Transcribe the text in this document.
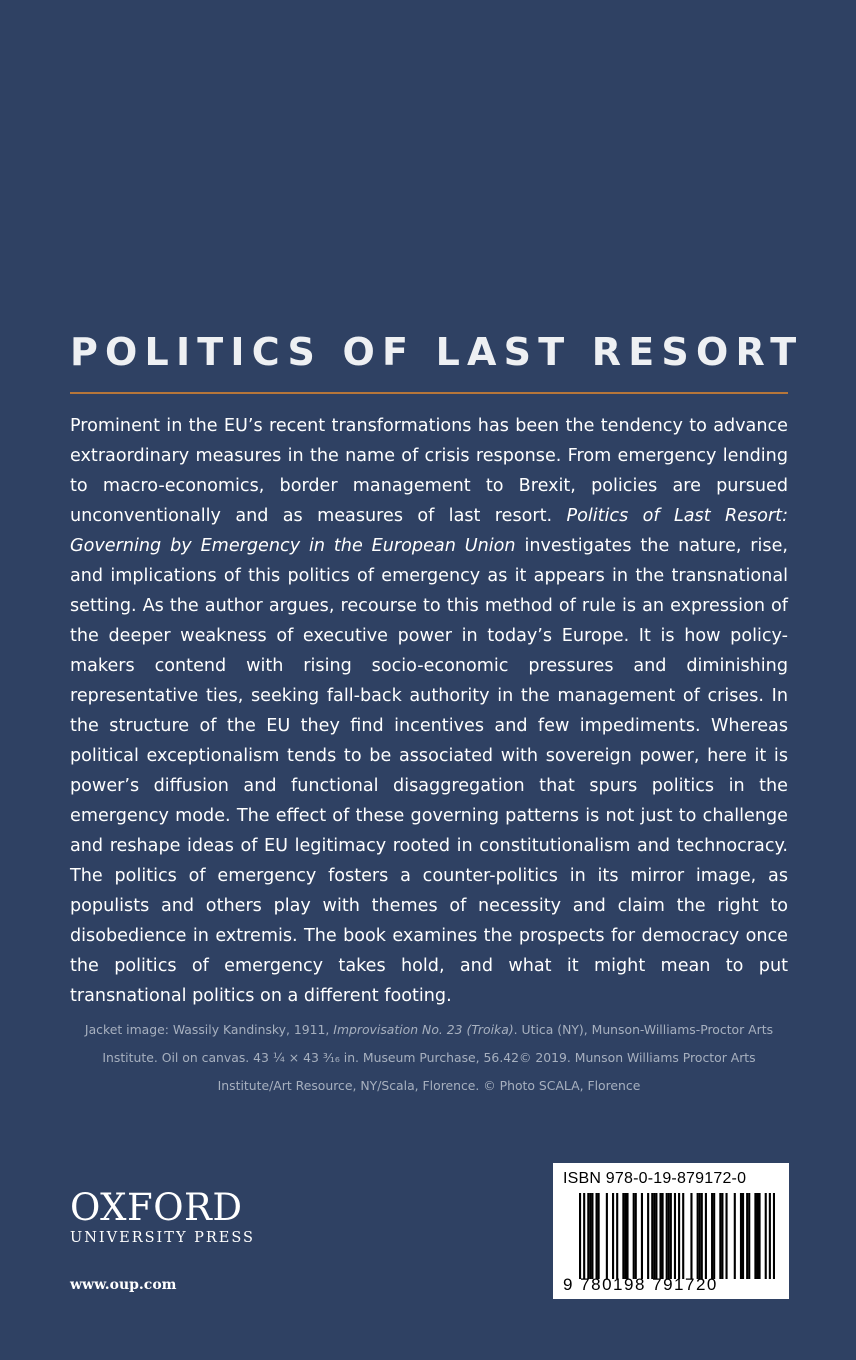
POLITICS OF LAST RESORT

Prominent in the EU’s recent transformations has been the tendency to advance extraordinary measures in the name of crisis response. From emergency lending to macro-economics, border management to Brexit, policies are pursued unconventionally and as measures of last resort. Politics of Last Resort: Governing by Emergency in the European Union investigates the nature, rise, and implications of this politics of emergency as it appears in the transnational setting. As the author argues, recourse to this method of rule is an expression of the deeper weakness of executive power in today’s Europe. It is how policy-makers contend with rising socio-economic pressures and diminishing representative ties, seeking fall-back authority in the management of crises. In the structure of the EU they find incentives and few impediments. Whereas political exceptionalism tends to be associated with sovereign power, here it is power’s diffusion and functional disaggregation that spurs politics in the emergency mode. The effect of these governing patterns is not just to challenge and reshape ideas of EU legitimacy rooted in constitutionalism and technocracy. The politics of emergency fosters a counter-politics in its mirror image, as populists and others play with themes of necessity and claim the right to disobedience in extremis. The book examines the prospects for democracy once the politics of emergency takes hold, and what it might mean to put transnational politics on a different footing.

Jacket image: Wassily Kandinsky, 1911, Improvisation No. 23 (Troika). Utica (NY), Munson-Williams-Proctor Arts Institute. Oil on canvas. 43 ¼ × 43 ³⁄₁₆ in. Museum Purchase, 56.42© 2019. Munson Williams Proctor Arts Institute/Art Resource, NY/Scala, Florence. © Photo SCALA, Florence

OXFORD
UNIVERSITY PRESS
www.oup.com
ISBN 978-0-19-879172-0
9 780198 791720
